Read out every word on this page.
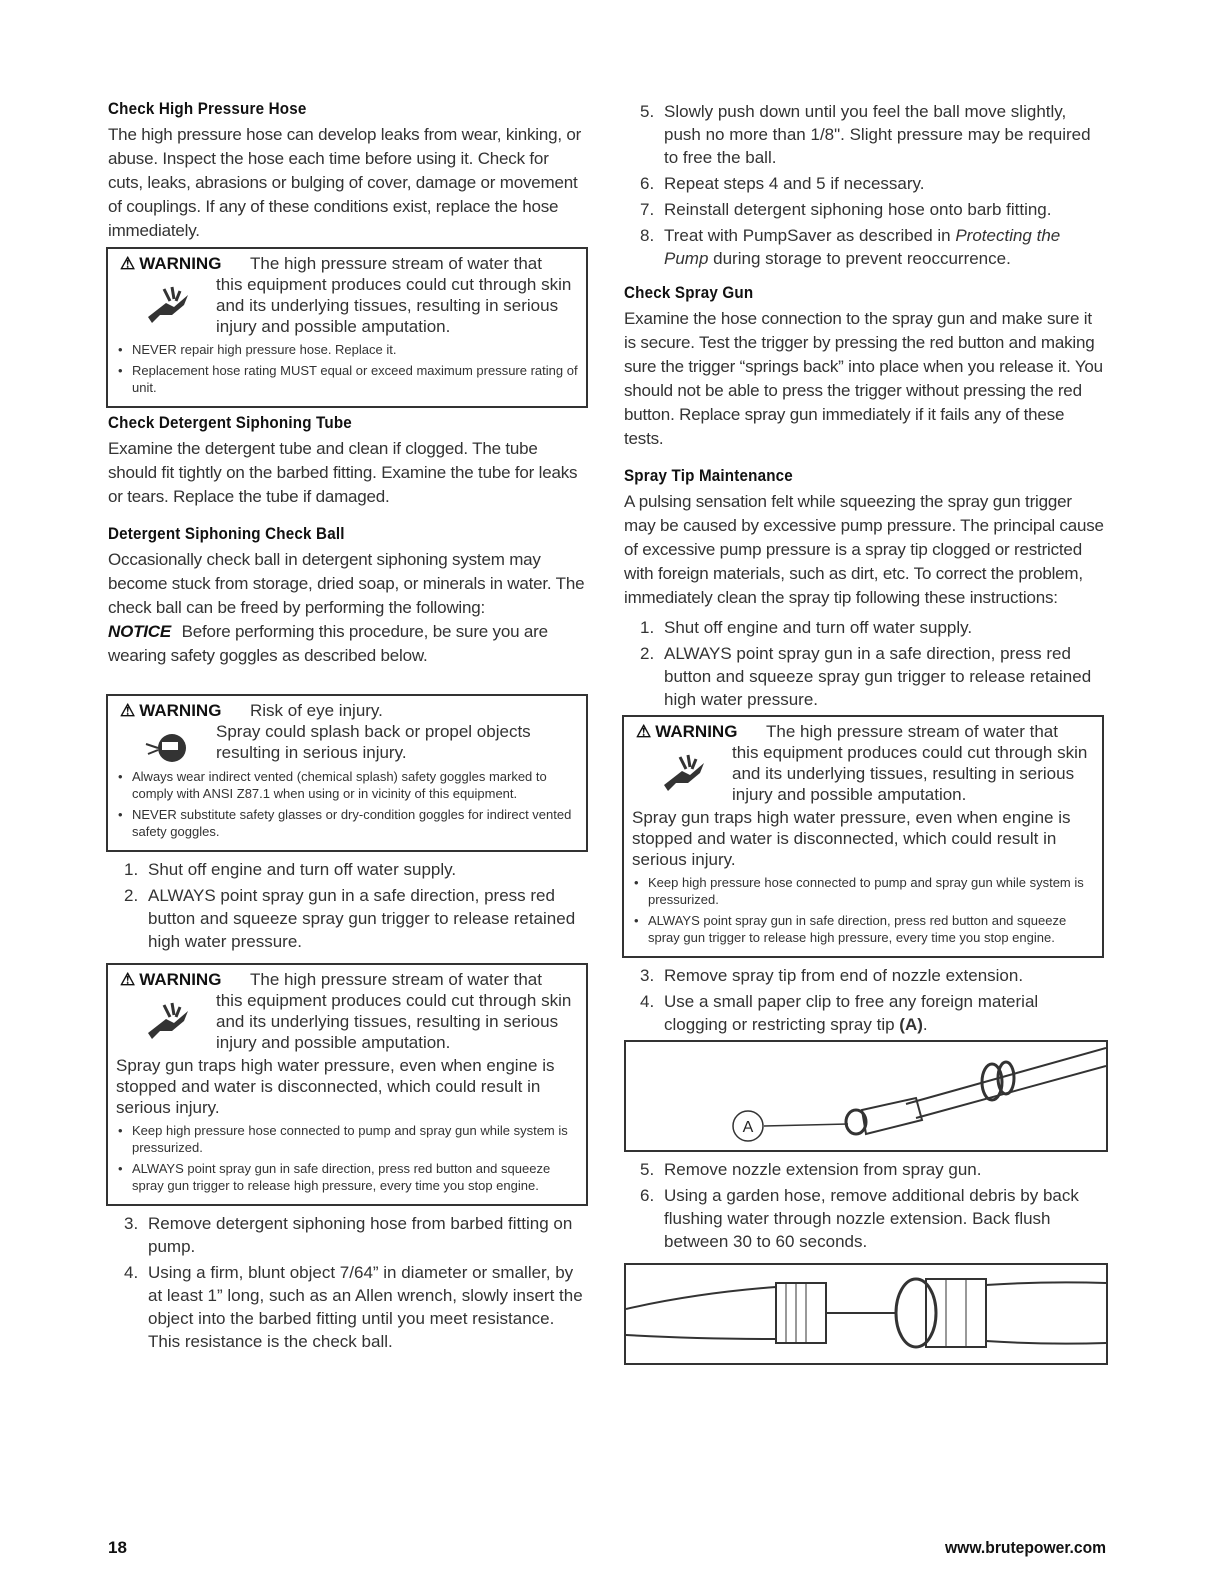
Check High Pressure Hose

The high pressure hose can develop leaks from wear, kinking, or abuse. Inspect the hose each time before using it. Check for cuts, leaks, abrasions or bulging of cover, damage or movement of couplings. If any of these conditions exist, replace the hose immediately.

⚠ WARNING	The high pressure stream of water that
this equipment produces could cut through skin and its underlying tissues, resulting in serious injury and possible amputation.
• NEVER repair high pressure hose. Replace it.
• Replacement hose rating MUST equal or exceed maximum pressure rating of unit.
Check Detergent Siphoning Tube

Examine the detergent tube and clean if clogged. The tube should fit tightly on the barbed fitting. Examine the tube for leaks or tears. Replace the tube if damaged.

Detergent Siphoning Check Ball

Occasionally check ball in detergent siphoning system may become stuck from storage, dried soap, or minerals in water. The check ball can be freed by performing the following:

NOTICE Before performing this procedure, be sure you are wearing safety goggles as described below.

⚠ WARNING	Risk of eye injury.
Spray could splash back or propel objects resulting in serious injury.
• Always wear indirect vented (chemical splash) safety goggles marked to comply with ANSI Z87.1 when using or in vicinity of this equipment.
• NEVER substitute safety glasses or dry-condition goggles for indirect vented safety goggles.
1. Shut off engine and turn off water supply.
2. ALWAYS point spray gun in a safe direction, press red button and squeeze spray gun trigger to release retained high water pressure.
⚠ WARNING	The high pressure stream of water that
this equipment produces could cut through skin and its underlying tissues, resulting in serious injury and possible amputation.
Spray gun traps high water pressure, even when engine is stopped and water is disconnected, which could result in serious injury.
• Keep high pressure hose connected to pump and spray gun while system is pressurized.
• ALWAYS point spray gun in safe direction, press red button and squeeze spray gun trigger to release high pressure, every time you stop engine.
3. Remove detergent siphoning hose from barbed fitting on pump.
4. Using a firm, blunt object 7/64” in diameter or smaller, by at least 1” long, such as an Allen wrench, slowly insert the object into the barbed fitting until you meet resistance. This resistance is the check ball.
5. Slowly push down until you feel the ball move slightly, push no more than 1/8". Slight pressure may be required to free the ball.
6. Repeat steps 4 and 5 if necessary.
7. Reinstall detergent siphoning hose onto barb fitting.
8. Treat with PumpSaver as described in Protecting the Pump during storage to prevent reoccurrence.
Check Spray Gun

Examine the hose connection to the spray gun and make sure it is secure. Test the trigger by pressing the red button and making sure the trigger “springs back” into place when you release it. You should not be able to press the trigger without pressing the red button. Replace spray gun immediately if it fails any of these tests.

Spray Tip Maintenance

A pulsing sensation felt while squeezing the spray gun trigger may be caused by excessive pump pressure. The principal cause of excessive pump pressure is a spray tip clogged or restricted with foreign materials, such as dirt, etc. To correct the problem, immediately clean the spray tip following these instructions:

1. Shut off engine and turn off water supply.
2. ALWAYS point spray gun in a safe direction, press red button and squeeze spray gun trigger to release retained high water pressure.
⚠ WARNING	The high pressure stream of water that
this equipment produces could cut through skin and its underlying tissues, resulting in serious injury and possible amputation.
Spray gun traps high water pressure, even when engine is stopped and water is disconnected, which could result in serious injury.
• Keep high pressure hose connected to pump and spray gun while system is pressurized.
• ALWAYS point spray gun in safe direction, press red button and squeeze spray gun trigger to release high pressure, every time you stop engine.
3. Remove spray tip from end of nozzle extension.
4. Use a small paper clip to free any foreign material clogging or restricting spray tip (A).
A
5. Remove nozzle extension from spray gun.
6. Using a garden hose, remove additional debris by back flushing water through nozzle extension. Back flush between 30 to 60 seconds.
18	www.brutepower.com
